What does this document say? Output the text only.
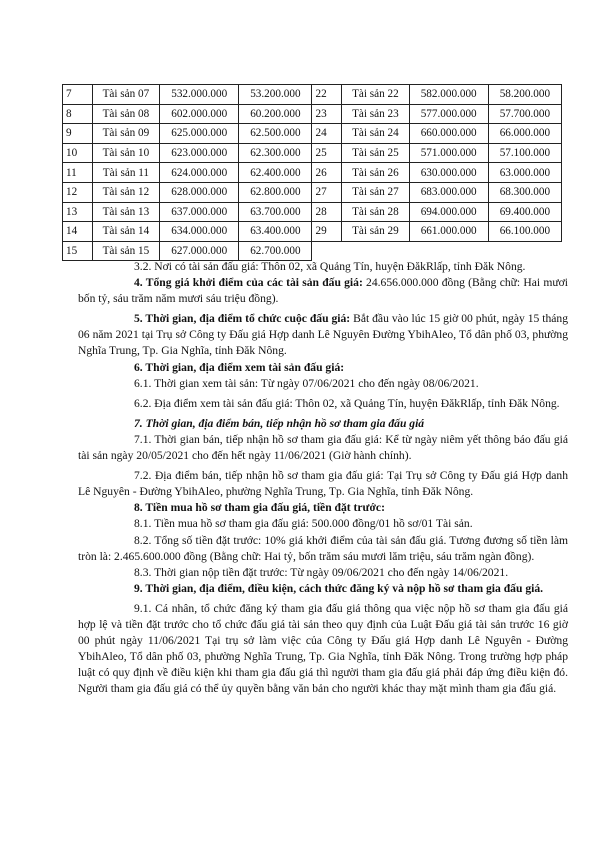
7	Tài sản 07	532.000.000	53.200.000	22	Tài sản 22	582.000.000	58.200.000
8	Tài sản 08	602.000.000	60.200.000	23	Tài sản 23	577.000.000	57.700.000
9	Tài sản 09	625.000.000	62.500.000	24	Tài sản 24	660.000.000	66.000.000
10	Tài sản 10	623.000.000	62.300.000	25	Tài sản 25	571.000.000	57.100.000
11	Tài sản 11	624.000.000	62.400.000	26	Tài sản 26	630.000.000	63.000.000
12	Tài sản 12	628.000.000	62.800.000	27	Tài sản 27	683.000.000	68.300.000
13	Tài sản 13	637.000.000	63.700.000	28	Tài sản 28	694.000.000	69.400.000
14	Tài sản 14	634.000.000	63.400.000	29	Tài sản 29	661.000.000	66.100.000
15	Tài sản 15	627.000.000	62.700.000				

3.2. Nơi có tài sản đấu giá: Thôn 02, xã Quảng Tín, huyện ĐăkRlấp, tỉnh Đăk Nông.

4. Tổng giá khởi điểm của các tài sản đấu giá: 24.656.000.000 đồng (Bằng chữ: Hai mươi bốn tỷ, sáu trăm năm mươi sáu triệu đồng).

5. Thời gian, địa điểm tổ chức cuộc đấu giá: Bắt đầu vào lúc 15 giờ 00 phút, ngày 15 tháng 06 năm 2021 tại Trụ sở Công ty Đấu giá Hợp danh Lê Nguyên Đường YbihAleo, Tổ dân phố 03, phường Nghĩa Trung, Tp. Gia Nghĩa, tỉnh Đăk Nông.

6. Thời gian, địa điểm xem tài sản đấu giá:

6.1. Thời gian xem tài sản: Từ ngày 07/06/2021 cho đến ngày 08/06/2021.

6.2. Địa điểm xem tài sản đấu giá: Thôn 02, xã Quảng Tín, huyện ĐăkRlấp, tỉnh Đăk Nông.

7. Thời gian, địa điểm bán, tiếp nhận hồ sơ tham gia đấu giá

7.1. Thời gian bán, tiếp nhận hồ sơ tham gia đấu giá: Kể từ ngày niêm yết thông báo đấu giá tài sản ngày 20/05/2021 cho đến hết ngày 11/06/2021 (Giờ hành chính).

7.2. Địa điểm bán, tiếp nhận hồ sơ tham gia đấu giá: Tại Trụ sở Công ty Đấu giá Hợp danh Lê Nguyên - Đường YbihAleo, phường Nghĩa Trung, Tp. Gia Nghĩa, tỉnh Đăk Nông.

8. Tiền mua hồ sơ tham gia đấu giá, tiền đặt trước:

8.1. Tiền mua hồ sơ tham gia đấu giá: 500.000 đồng/01 hồ sơ/01 Tài sản.

8.2. Tổng số tiền đặt trước: 10% giá khởi điểm của tài sản đấu giá. Tương đương số tiền làm tròn là: 2.465.600.000 đồng (Bằng chữ: Hai tỷ, bốn trăm sáu mươi lăm triệu, sáu trăm ngàn đồng).

8.3. Thời gian nộp tiền đặt trước: Từ ngày 09/06/2021 cho đến ngày 14/06/2021.

9. Thời gian, địa điểm, điều kiện, cách thức đăng ký và nộp hồ sơ tham gia đấu giá.

9.1. Cá nhân, tổ chức đăng ký tham gia đấu giá thông qua việc nộp hồ sơ tham gia đấu giá hợp lệ và tiền đặt trước cho tổ chức đấu giá tài sản theo quy định của Luật Đấu giá tài sản trước 16 giờ 00 phút ngày 11/06/2021 Tại trụ sở làm việc của Công ty Đấu giá Hợp danh Lê Nguyên - Đường YbihAleo, Tổ dân phố 03, phường Nghĩa Trung, Tp. Gia Nghĩa, tỉnh Đăk Nông. Trong trường hợp pháp luật có quy định về điều kiện khi tham gia đấu giá thì người tham gia đấu giá phải đáp ứng điều kiện đó. Người tham gia đấu giá có thể ủy quyền bằng văn bản cho người khác thay mặt mình tham gia đấu giá.
